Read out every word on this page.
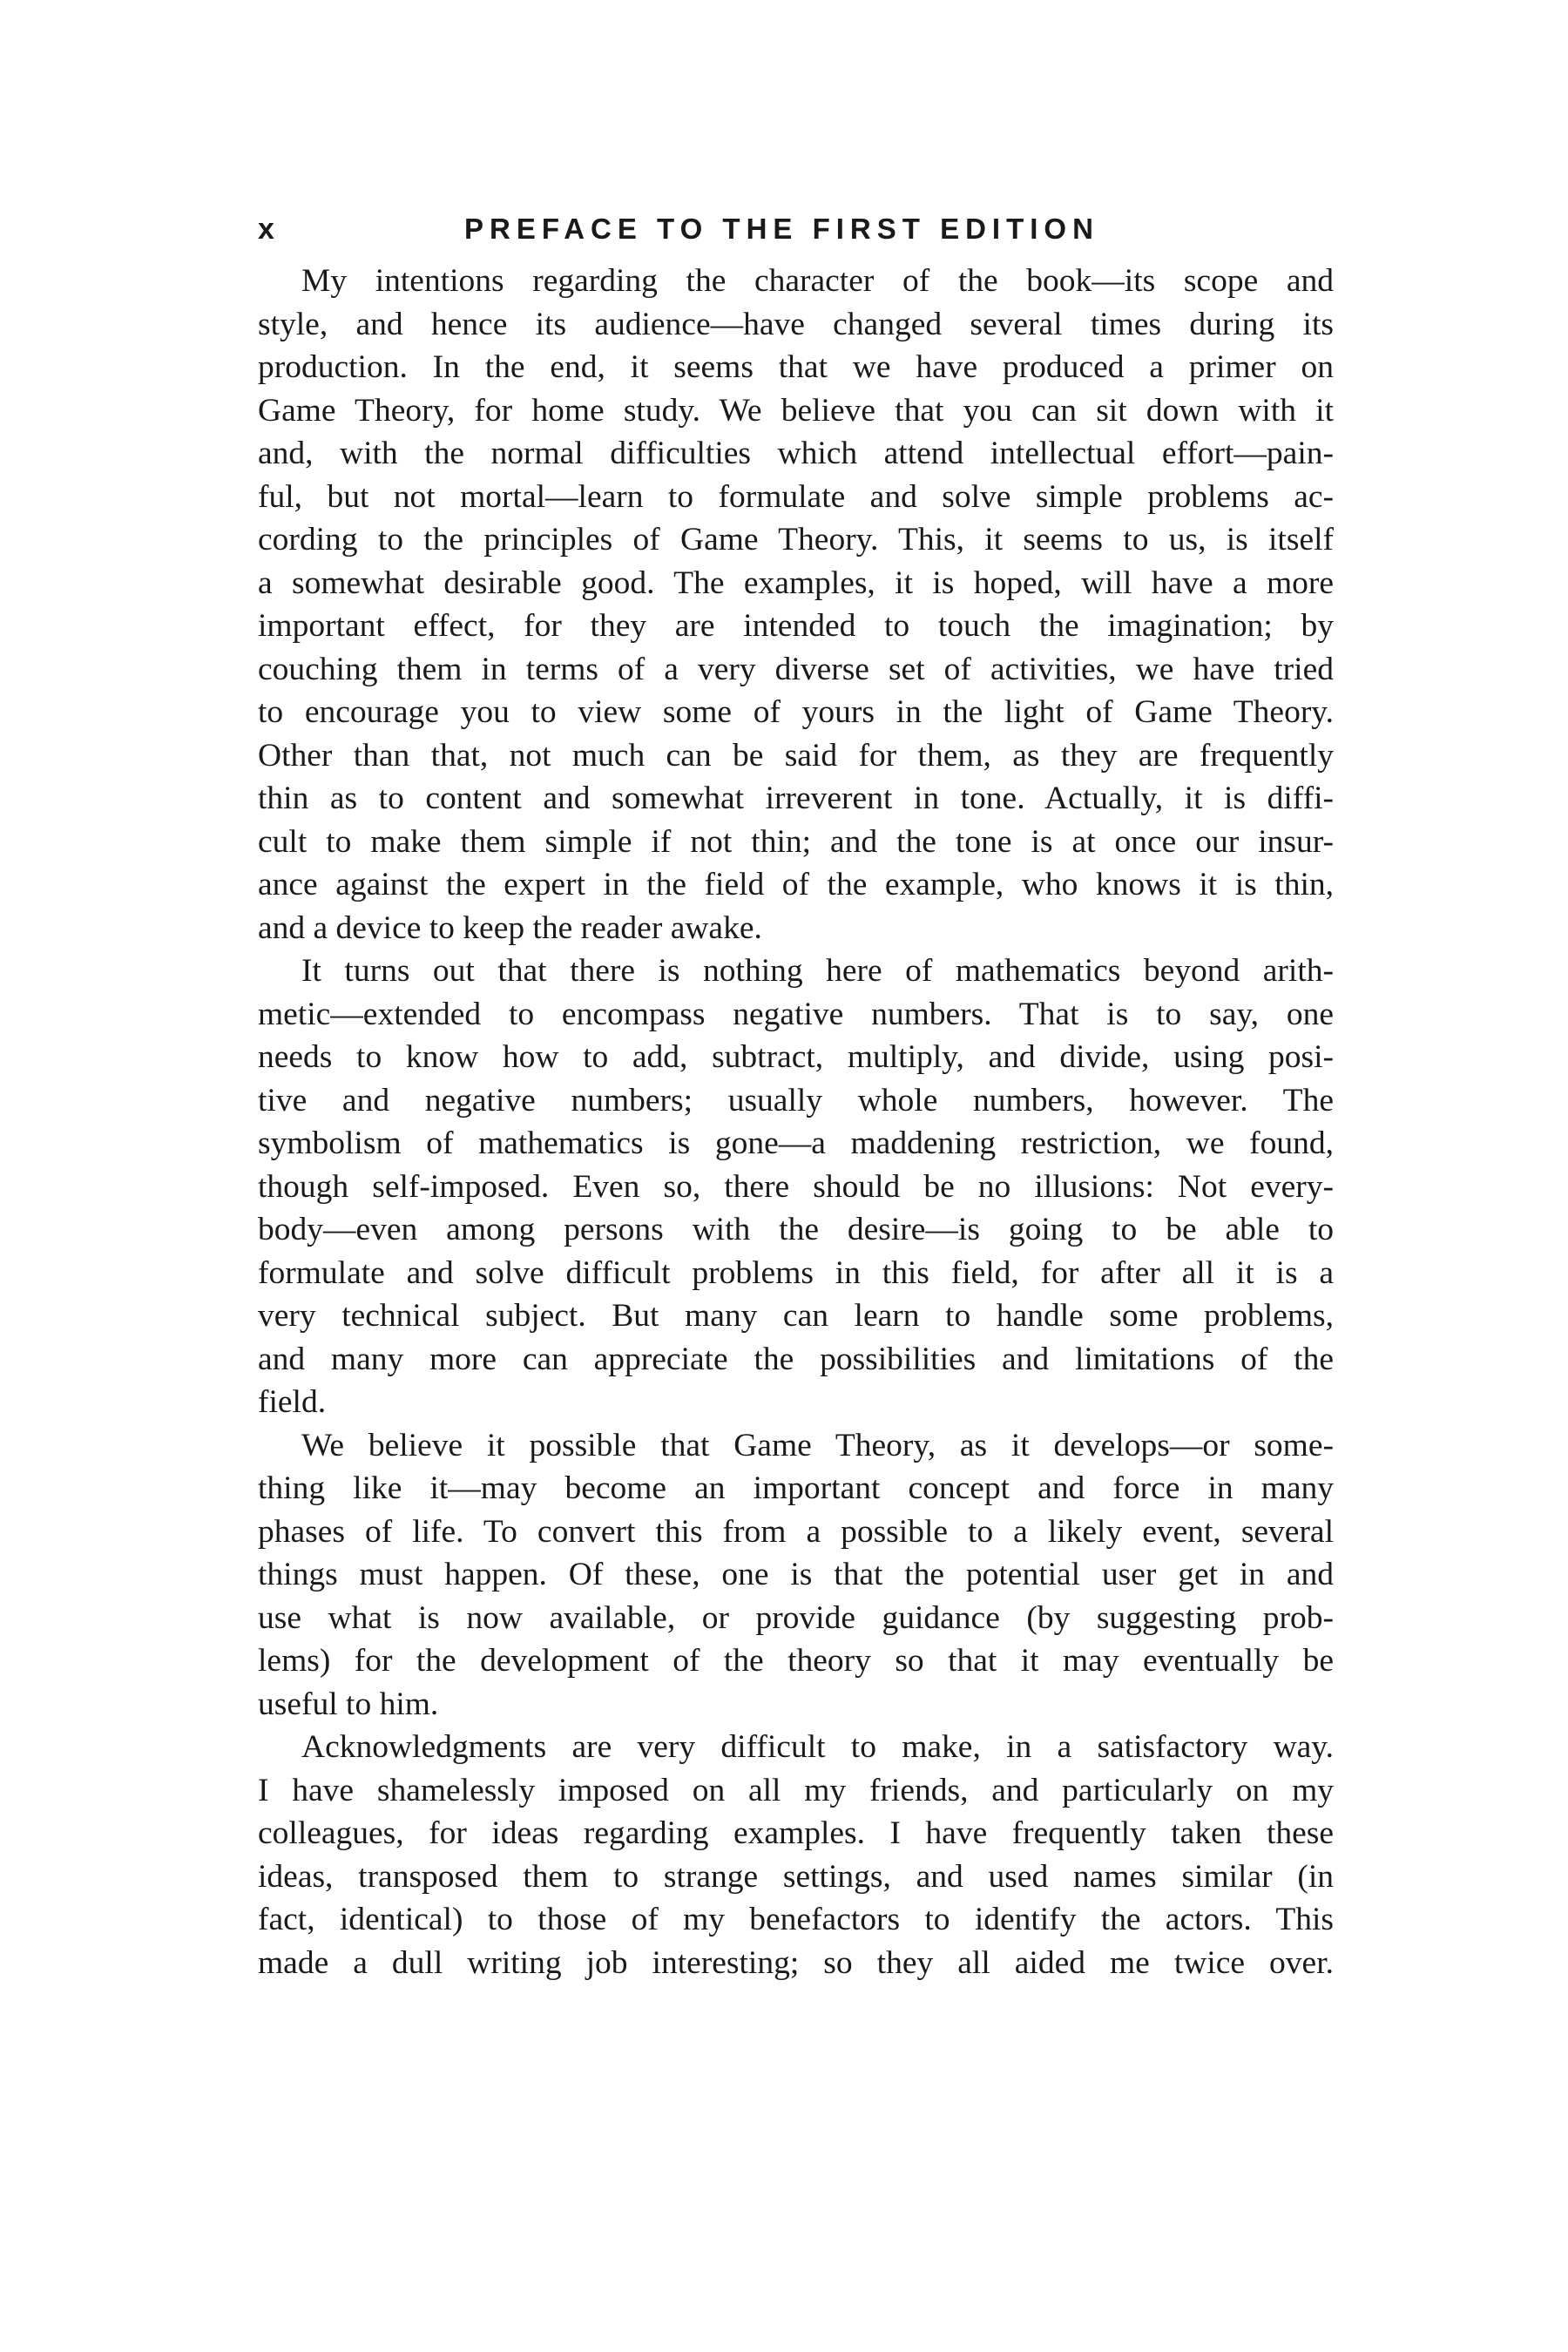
x	PREFACE TO THE FIRST EDITION
My intentions regarding the character of the book—its scope and
style, and hence its audience—have changed several times during its
production. In the end, it seems that we have produced a primer on
Game Theory, for home study. We believe that you can sit down with it
and, with the normal difficulties which attend intellectual effort—pain-
ful, but not mortal—learn to formulate and solve simple problems ac-
cording to the principles of Game Theory. This, it seems to us, is itself
a somewhat desirable good. The examples, it is hoped, will have a more
important effect, for they are intended to touch the imagination; by
couching them in terms of a very diverse set of activities, we have tried
to encourage you to view some of yours in the light of Game Theory.
Other than that, not much can be said for them, as they are frequently
thin as to content and somewhat irreverent in tone. Actually, it is diffi-
cult to make them simple if not thin; and the tone is at once our insur-
ance against the expert in the field of the example, who knows it is thin,
and a device to keep the reader awake.
It turns out that there is nothing here of mathematics beyond arith-
metic—extended to encompass negative numbers. That is to say, one
needs to know how to add, subtract, multiply, and divide, using posi-
tive and negative numbers; usually whole numbers, however. The
symbolism of mathematics is gone—a maddening restriction, we found,
though self-imposed. Even so, there should be no illusions: Not every-
body—even among persons with the desire—is going to be able to
formulate and solve difficult problems in this field, for after all it is a
very technical subject. But many can learn to handle some problems,
and many more can appreciate the possibilities and limitations of the
field.
We believe it possible that Game Theory, as it develops—or some-
thing like it—may become an important concept and force in many
phases of life. To convert this from a possible to a likely event, several
things must happen. Of these, one is that the potential user get in and
use what is now available, or provide guidance (by suggesting prob-
lems) for the development of the theory so that it may eventually be
useful to him.
Acknowledgments are very difficult to make, in a satisfactory way.
I have shamelessly imposed on all my friends, and particularly on my
colleagues, for ideas regarding examples. I have frequently taken these
ideas, transposed them to strange settings, and used names similar (in
fact, identical) to those of my benefactors to identify the actors. This
made a dull writing job interesting; so they all aided me twice over.
